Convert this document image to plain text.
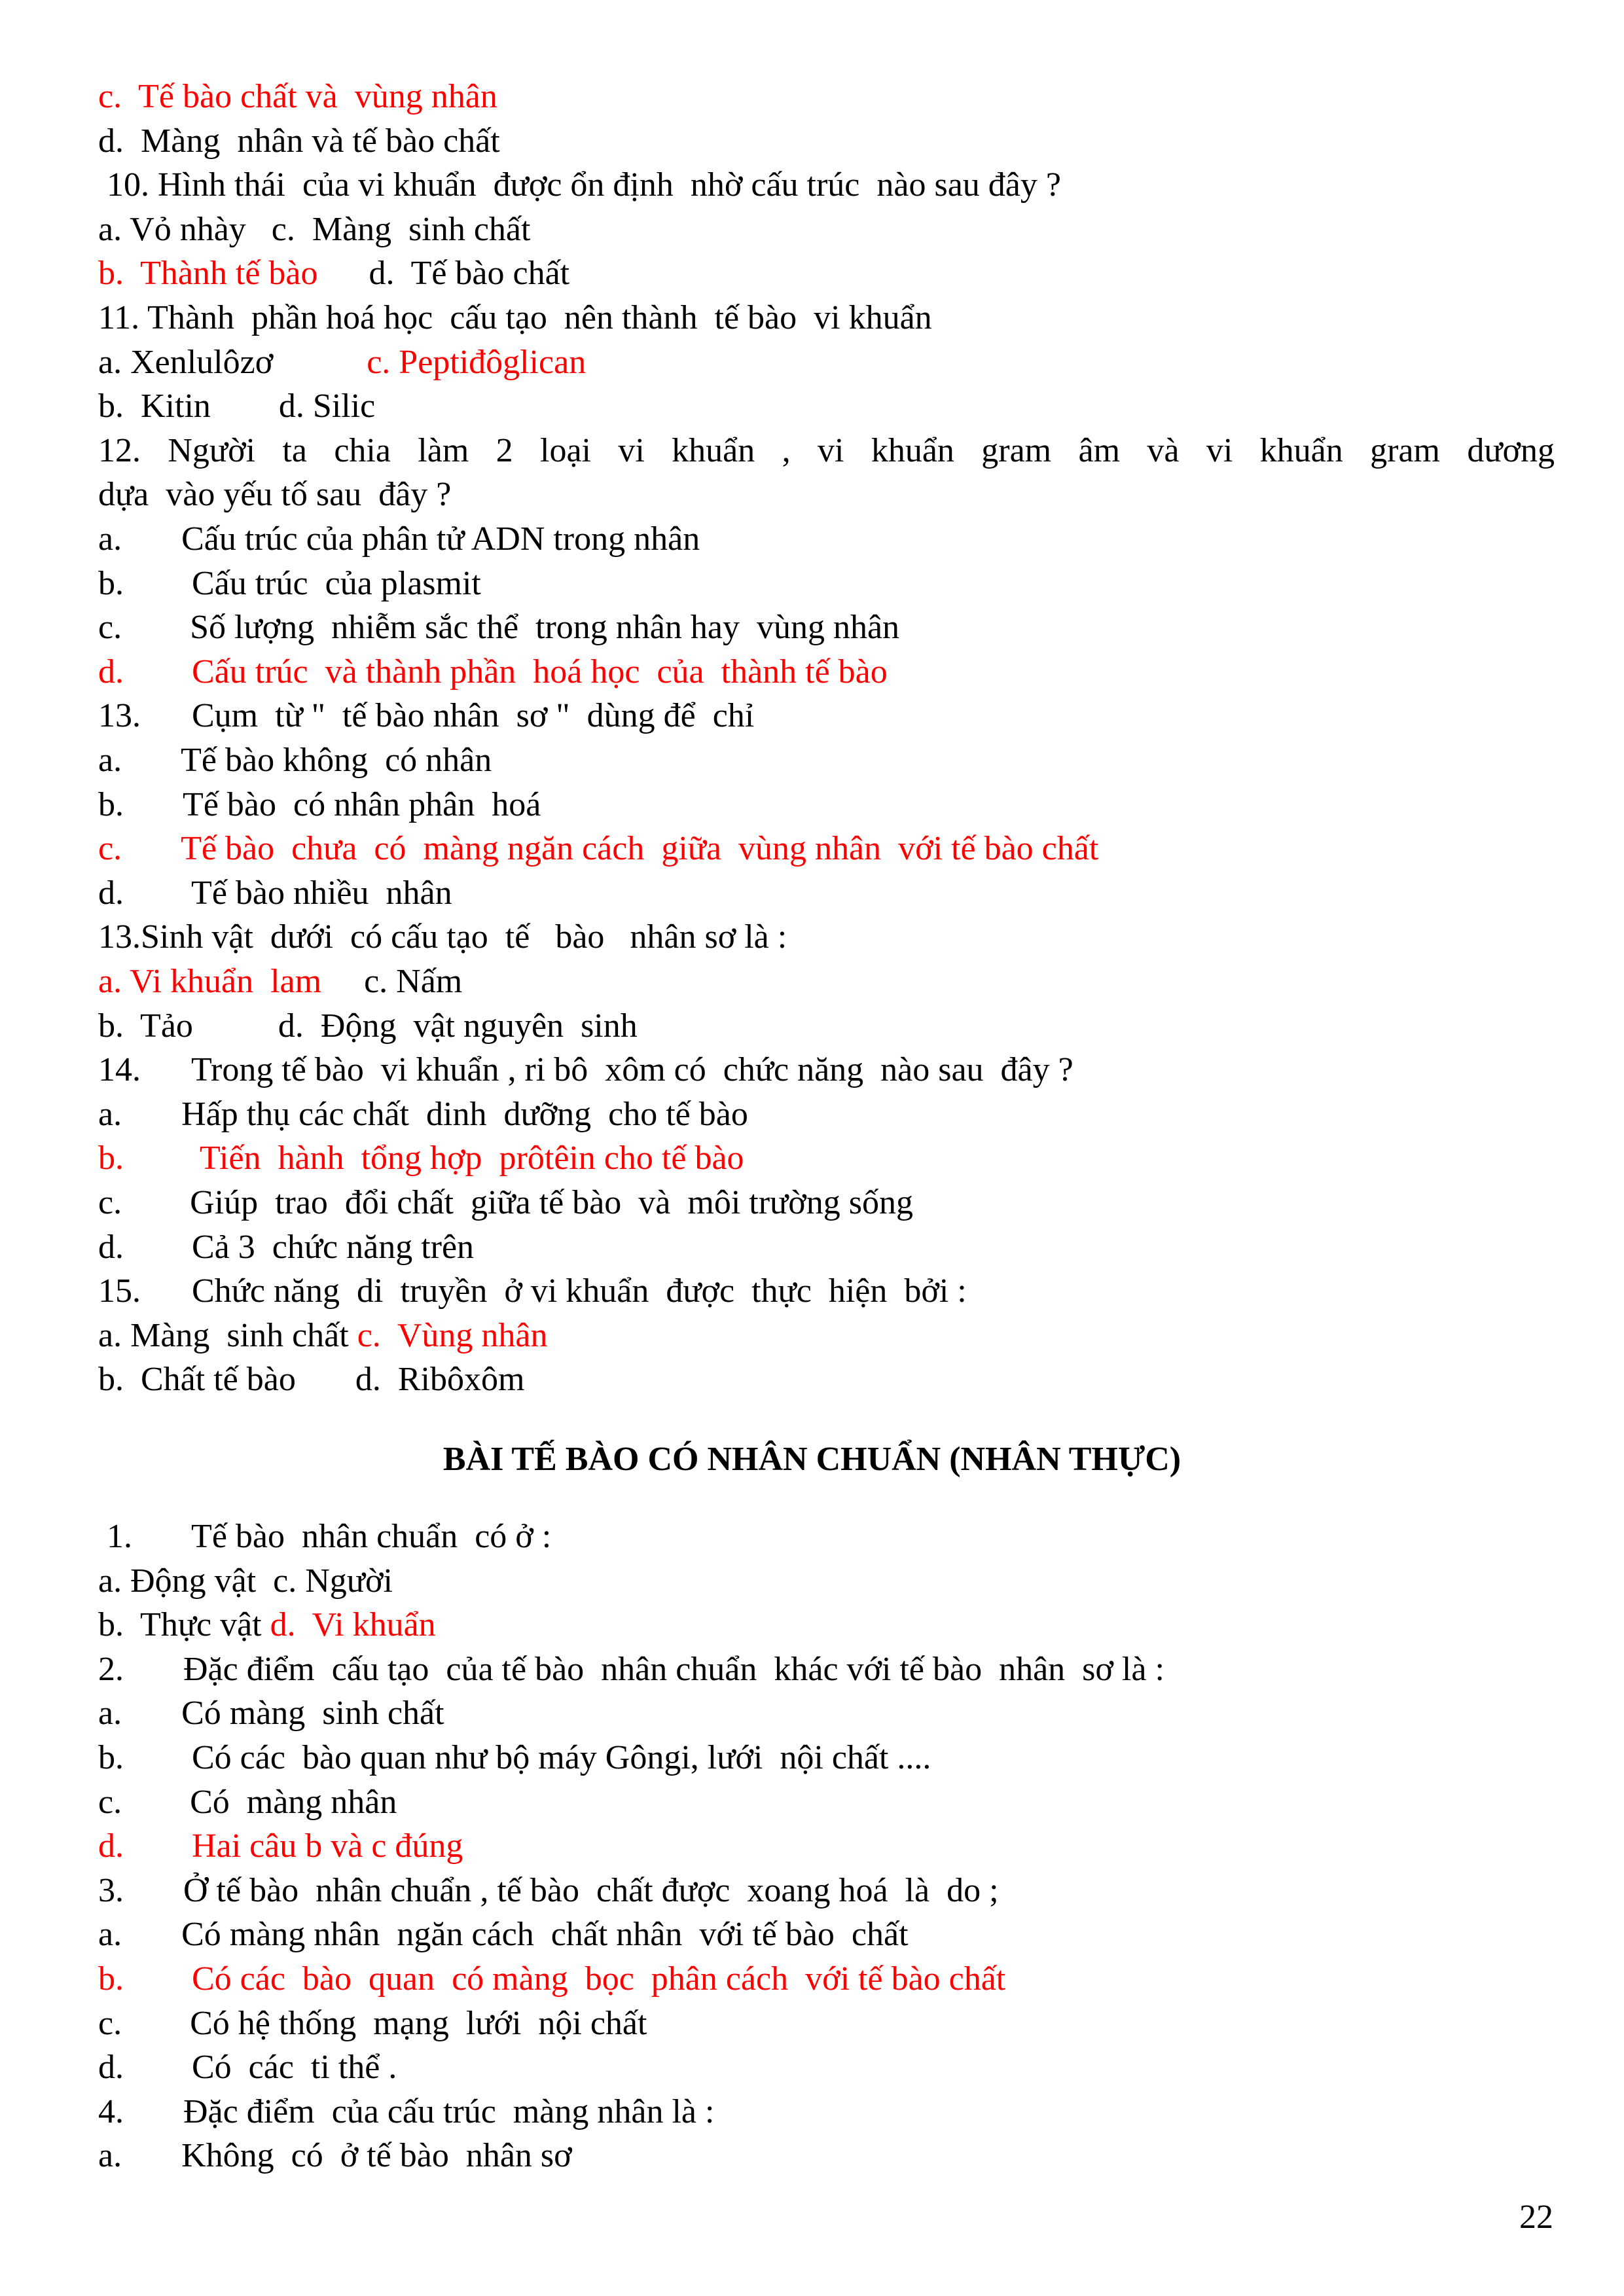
c.  Tế bào chất và  vùng nhân
d.  Màng  nhân và tế bào chất
10. Hình thái  của vi khuẩn  được ổn định  nhờ cấu trúc  nào sau đây ?
a. Vỏ nhày   c.  Màng  sinh chất
b.  Thành tế bào      d.  Tế bào chất
11. Thành  phần hoá học  cấu tạo  nên thành  tế bào  vi khuẩn
a. Xenlulôzơ           c. Peptiđôglican
b.  Kitin        d. Silic
12. Người ta chia làm 2 loại vi khuẩn , vi khuẩn gram âm và vi khuẩn gram dương
dựa  vào yếu tố sau  đây ?
a.       Cấu trúc của phân tử ADN trong nhân
b.        Cấu trúc  của plasmit
c.        Số lượng  nhiễm sắc thể  trong nhân hay  vùng nhân
d.        Cấu trúc  và thành phần  hoá học  của  thành tế bào
13.      Cụm  từ "  tế bào nhân  sơ "  dùng để  chỉ
a.       Tế bào không  có nhân
b.       Tế bào  có nhân phân  hoá
c.       Tế bào  chưa  có  màng ngăn cách  giữa  vùng nhân  với tế bào chất
d.        Tế bào nhiều  nhân
13.Sinh vật  dưới  có cấu tạo  tế   bào   nhân sơ là :
a. Vi khuẩn  lam     c. Nấm
b.  Tảo          d.  Động  vật nguyên  sinh
14.      Trong tế bào  vi khuẩn , ri bô  xôm có  chức năng  nào sau  đây ?
a.       Hấp thụ các chất  dinh  dưỡng  cho tế bào
b.         Tiến  hành  tổng hợp  prôtêin cho tế bào
c.        Giúp  trao  đổi chất  giữa tế bào  và  môi trường sống
d.        Cả 3  chức năng trên
15.      Chức năng  di  truyền  ở vi khuẩn  được  thực  hiện  bởi :
a. Màng  sinh chất c.  Vùng nhân
b.  Chất tế bào       d.  Ribôxôm
BÀI TẾ BÀO CÓ NHÂN CHUẨN (NHÂN THỰC)
1.       Tế bào  nhân chuẩn  có ở :
a. Động vật  c. Người
b.  Thực vật d.  Vi khuẩn
2.       Đặc điểm  cấu tạo  của tế bào  nhân chuẩn  khác với tế bào  nhân  sơ là :
a.       Có màng  sinh chất
b.        Có các  bào quan như bộ máy Gôngi, lưới  nội chất ....
c.        Có  màng nhân
d.        Hai câu b và c đúng
3.       Ở tế bào  nhân chuẩn , tế bào  chất được  xoang hoá  là  do ;
a.       Có màng nhân  ngăn cách  chất nhân  với tế bào  chất
b.        Có các  bào  quan  có màng  bọc  phân cách  với tế bào chất
c.        Có hệ thống  mạng  lưới  nội chất
d.        Có  các  ti thể .
4.       Đặc điểm  của cấu trúc  màng nhân là :
a.       Không  có  ở tế bào  nhân sơ
22
